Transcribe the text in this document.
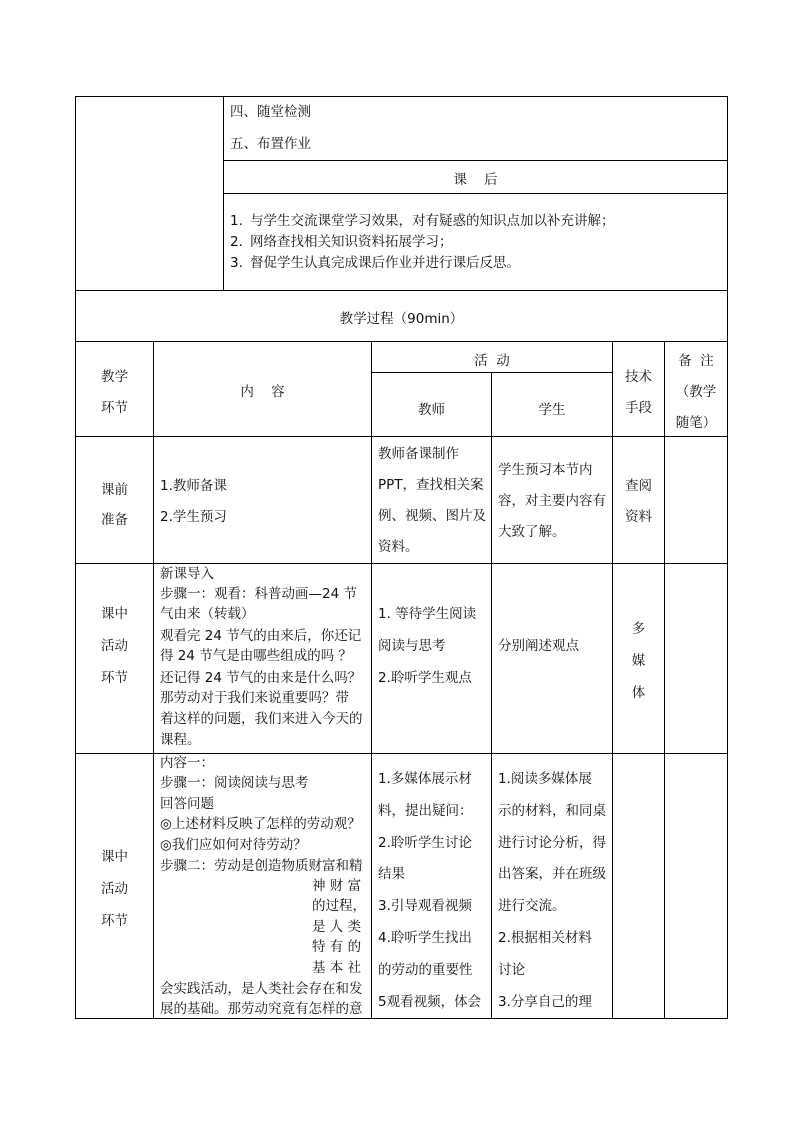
四、随堂检测
五、布置作业
课    后
1. 与学生交流课堂学习效果，对有疑惑的知识点加以补充讲解；
2. 网络查找相关知识资料拓展学习；
3. 督促学生认真完成课后作业并进行课后反思。
教学过程（90min）
教学
环节
内    容
活  动
教师	学生
技术
手段
备  注
（教学
随笔）
课前
准备
1.教师备课
2.学生预习
教师备课制作
PPT，查找相关案
例、视频、图片及
资料。
学生预习本节内
容，对主要内容有
大致了解。
查阅
资料
课中
活动
环节
新课导入
步骤一：观看：科普动画—24 节
气由来（转载）
观看完 24 节气的由来后，你还记
得 24 节气是由哪些组成的吗 ？
还记得 24 节气的由来是什么吗？
那劳动对于我们来说重要吗？带
着这样的问题，我们来进入今天的
课程。
1. 等待学生阅读
阅读与思考
2.聆听学生观点
分别阐述观点
多
媒
体
课中
活动
环节
内容一：
步骤一：阅读阅读与思考
回答问题
◎上述材料反映了怎样的劳动观？
◎我们应如何对待劳动？
步骤二：劳动是创造物质财富和精
神 财 富
的过程，
是 人 类
特 有 的
基 本 社
会实践活动，是人类社会存在和发
展的基础。那劳动究竟有怎样的意
1.多媒体展示材
料，提出疑问：
2.聆听学生讨论
结果
3.引导观看视频
4.聆听学生找出
的劳动的重要性
5观看视频，体会
1.阅读多媒体展
示的材料，和同桌
进行讨论分析，得
出答案，并在班级
进行交流。
2.根据相关材料
讨论
3.分享自己的理
